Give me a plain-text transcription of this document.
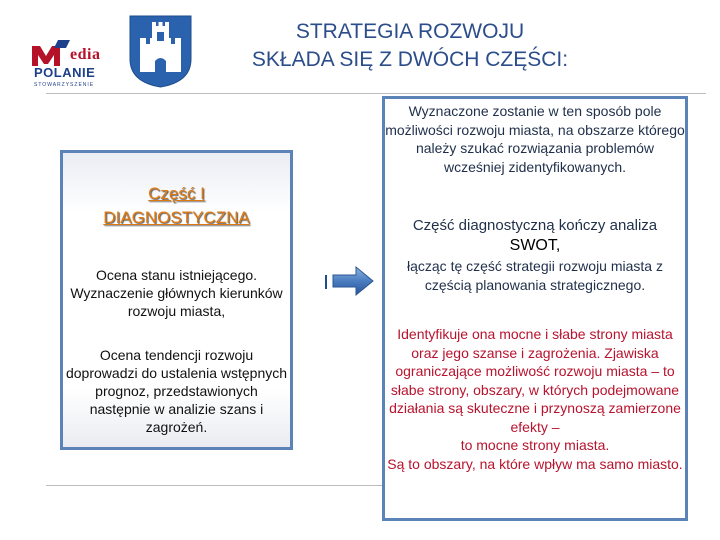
edia
POLANIE
STOWARZYSZENIE
STRATEGIA ROZWOJU
SKŁADA SIĘ Z DWÓCH CZĘŚCI:
Część I
DIAGNOSTYCZNA
Ocena stanu istniejącego. Wyznaczenie głównych kierunków rozwoju miasta,
Ocena tendencji rozwoju doprowadzi do ustalenia wstępnych prognoz, przedstawionych następnie w analizie szans i zagrożeń.
Wyznaczone zostanie w ten sposób pole możliwości rozwoju miasta, na obszarze którego należy szukać rozwiązania problemów wcześniej zidentyfikowanych.
Część diagnostyczną kończy analiza
SWOT,
łącząc tę część strategii rozwoju miasta z częścią planowania strategicznego.
Identyfikuje ona mocne i słabe strony miasta oraz jego szanse i zagrożenia. Zjawiska ograniczające możliwość rozwoju miasta – to słabe strony, obszary, w których podejmowane działania są skuteczne i przynoszą zamierzone efekty –
to mocne strony miasta.
Są to obszary, na które wpływ ma samo miasto.
